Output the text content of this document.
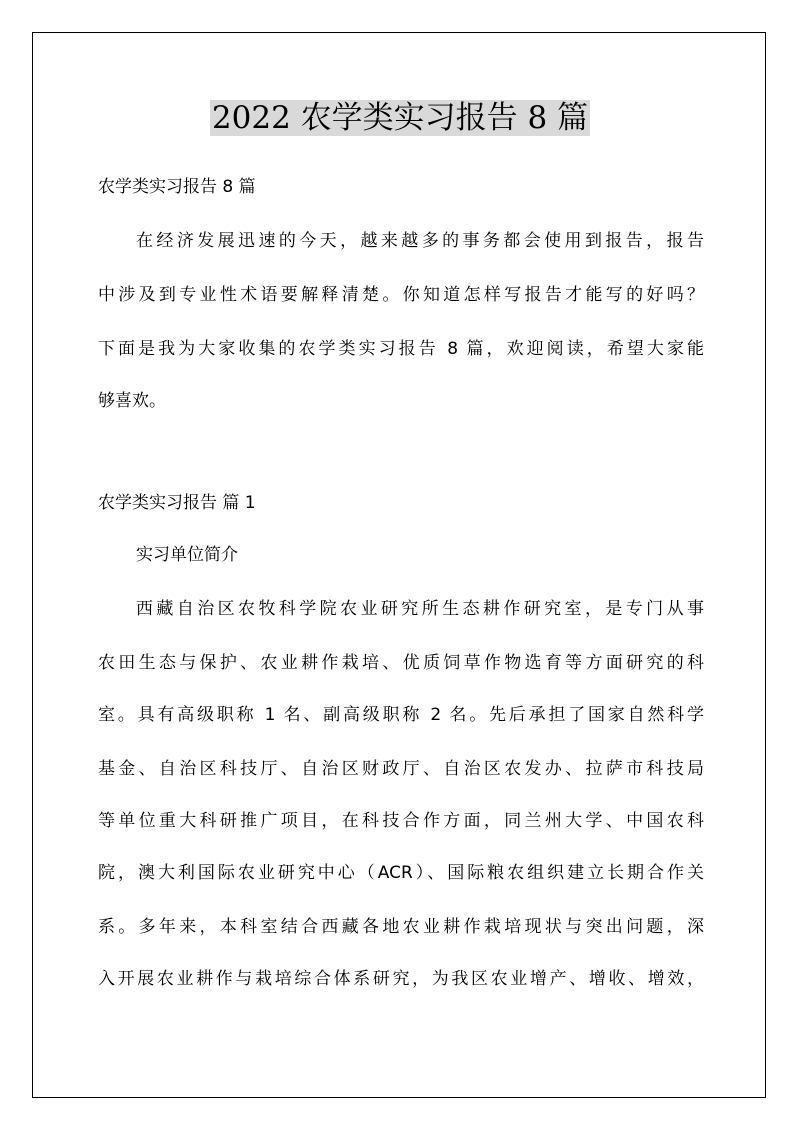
2022 农学类实习报告 8 篇
农学类实习报告 8 篇
在经济发展迅速的今天，越来越多的事务都会使用到报告，报告
中涉及到专业性术语要解释清楚。你知道怎样写报告才能写的好吗？
下面是我为大家收集的农学类实习报告 8 篇，欢迎阅读，希望大家能
够喜欢。
农学类实习报告 篇 1
实习单位简介
西藏自治区农牧科学院农业研究所生态耕作研究室，是专门从事
农田生态与保护、农业耕作栽培、优质饲草作物选育等方面研究的科
室。具有高级职称 1 名、副高级职称 2 名。先后承担了国家自然科学
基金、自治区科技厅、自治区财政厅、自治区农发办、拉萨市科技局
等单位重大科研推广项目，在科技合作方面，同兰州大学、中国农科
院，澳大利国际农业研究中心（ACR）、国际粮农组织建立长期合作关
系。多年来，本科室结合西藏各地农业耕作栽培现状与突出问题，深
入开展农业耕作与栽培综合体系研究，为我区农业增产、增收、增效，
